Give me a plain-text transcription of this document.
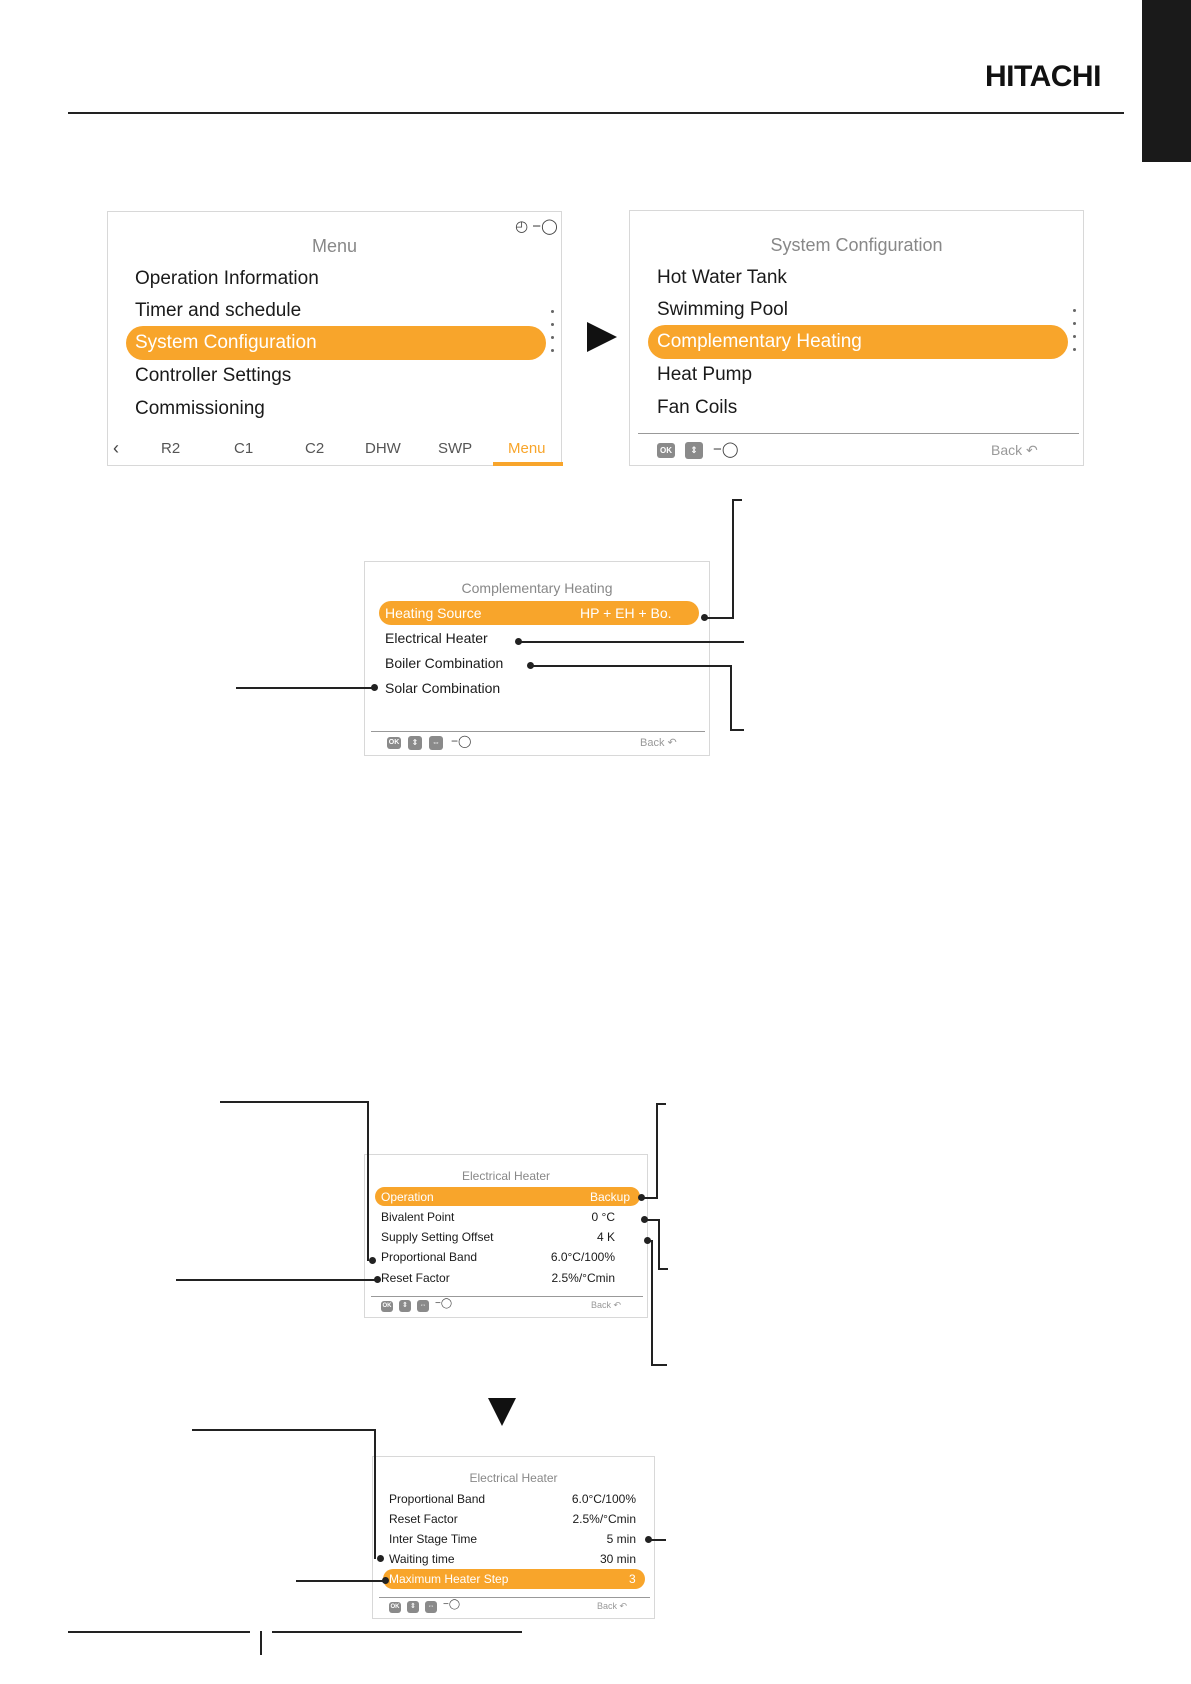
HITACHI
Menu
◴ −◯
Operation Information
Timer and schedule
System Configuration
Controller Settings
Commissioning
‹	R2	C1	C2	DHW SWP Menu
System Configuration
Hot Water Tank
Swimming Pool
Complementary Heating
Heat Pump
Fan Coils
OK	⇕	−◯	Back ↶
Complementary Heating
Heating Source	HP + EH + Bo.
Electrical Heater
Boiler Combination
Solar Combination
OK	⇕	⇔ −◯	Back ↶
Electrical Heater
Operation	Backup
Bivalent Point	0 °C
Supply Setting Offset	4 K
Proportional Band	6.0°C/100%
Reset Factor	2.5%/°Cmin
OK	⇕	⇔ −◯	Back ↶
Electrical Heater
Proportional Band	6.0°C/100%
Reset Factor	2.5%/°Cmin
Inter Stage Time	5 min
Waiting time	30 min
Maximum Heater Step	3
OK	⇕	⇔ −◯	Back ↶
